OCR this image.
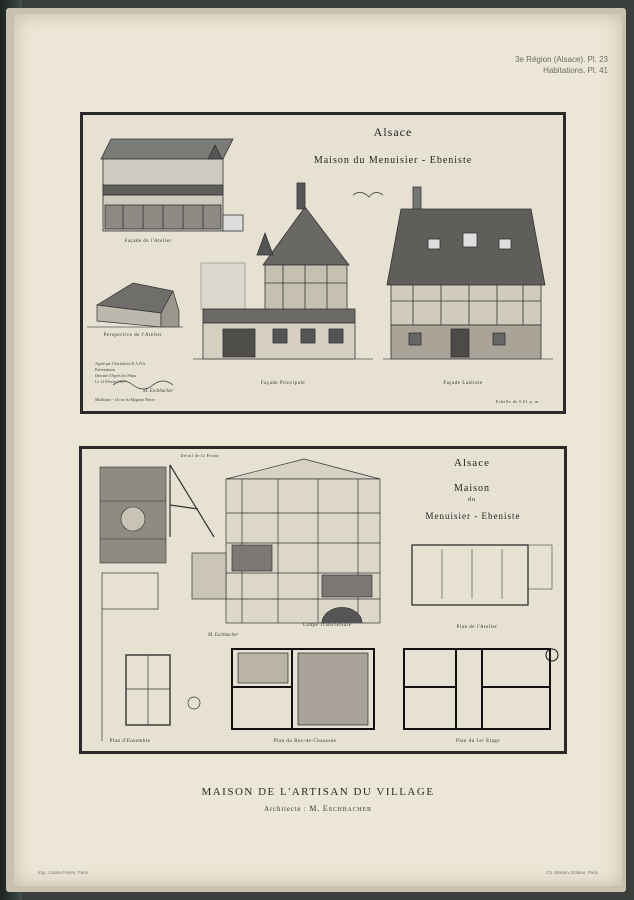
3e Région (Alsace). Pl. 23
Habitations. Pl. 41
Alsace
Maison du Menuisier - Ebeniste
Façade de l'Atelier
Perspective de l'Atelier
Façade Principale	Façade Latérale
Echelle de 0.01 p. m.
Agréé par l'Architecte D.A.N.S.
Présentation
Dessiné d'Après les Plans
Le 12 Février 1917
M. Eschbacher
Mulhouse - 14 rue du Magasin Pierre
Alsace
Maison
du
Menuisier - Ebeniste
Détail de la Ferme
Coupe Transversale	Plan de l'Atelier
Plan d'Ensemble	Plan du Rez-de-Chaussée	Plan du 1er Etage
M. Eschbacher
MAISON DE L'ARTISAN DU VILLAGE
Architecte : M. Eschbacher
Imp. Catala Frères, Paris	Ch. Massin, Editeur, Paris
